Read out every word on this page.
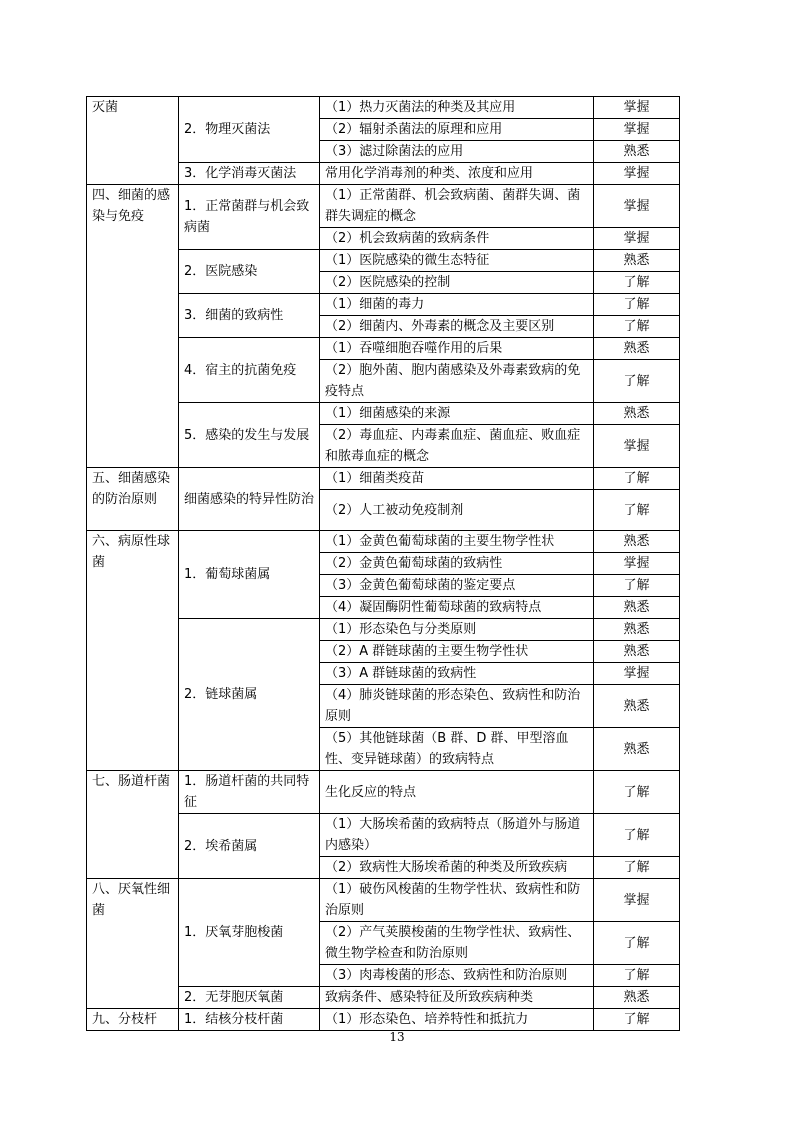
灭菌	2．物理灭菌法	（1）热力灭菌法的种类及其应用	掌握
		（2）辐射杀菌法的原理和应用	掌握
		（3）滤过除菌法的应用	熟悉
	3．化学消毒灭菌法	常用化学消毒剂的种类、浓度和应用	掌握
四、细菌的感染与免疫	1．正常菌群与机会致病菌	（1）正常菌群、机会致病菌、菌群失调、菌群失调症的概念	掌握
		（2）机会致病菌的致病条件	掌握
	2．医院感染	（1）医院感染的微生态特征	熟悉
		（2）医院感染的控制	了解
	3．细菌的致病性	（1）细菌的毒力	了解
		（2）细菌内、外毒素的概念及主要区别	了解
	4．宿主的抗菌免疫	（1）吞噬细胞吞噬作用的后果	熟悉
		（2）胞外菌、胞内菌感染及外毒素致病的免疫特点	了解
	5．感染的发生与发展	（1）细菌感染的来源	熟悉
		（2）毒血症、内毒素血症、菌血症、败血症和脓毒血症的概念	掌握
五、细菌感染的防治原则	细菌感染的特异性防治	（1）细菌类疫苗	了解
		（2）人工被动免疫制剂	了解
六、病原性球菌	1．葡萄球菌属	（1）金黄色葡萄球菌的主要生物学性状	熟悉
		（2）金黄色葡萄球菌的致病性	掌握
		（3）金黄色葡萄球菌的鉴定要点	了解
		（4）凝固酶阴性葡萄球菌的致病特点	熟悉
	2．链球菌属	（1）形态染色与分类原则	熟悉
		（2）A 群链球菌的主要生物学性状	熟悉
		（3）A 群链球菌的致病性	掌握
		（4）肺炎链球菌的形态染色、致病性和防治原则	熟悉
		（5）其他链球菌（B 群、D 群、甲型溶血性、变异链球菌）的致病特点	熟悉
七、肠道杆菌	1．肠道杆菌的共同特征	生化反应的特点	了解
	2．埃希菌属	（1）大肠埃希菌的致病特点（肠道外与肠道内感染）	了解
		（2）致病性大肠埃希菌的种类及所致疾病	了解
八、厌氧性细菌	1．厌氧芽胞梭菌	（1）破伤风梭菌的生物学性状、致病性和防治原则	掌握
		（2）产气荚膜梭菌的生物学性状、致病性、微生物学检查和防治原则	了解
		（3）肉毒梭菌的形态、致病性和防治原则	了解
	2．无芽胞厌氧菌	致病条件、感染特征及所致疾病种类	熟悉
九、分枝杆	1．结核分枝杆菌	（1）形态染色、培养特性和抵抗力	了解
13
